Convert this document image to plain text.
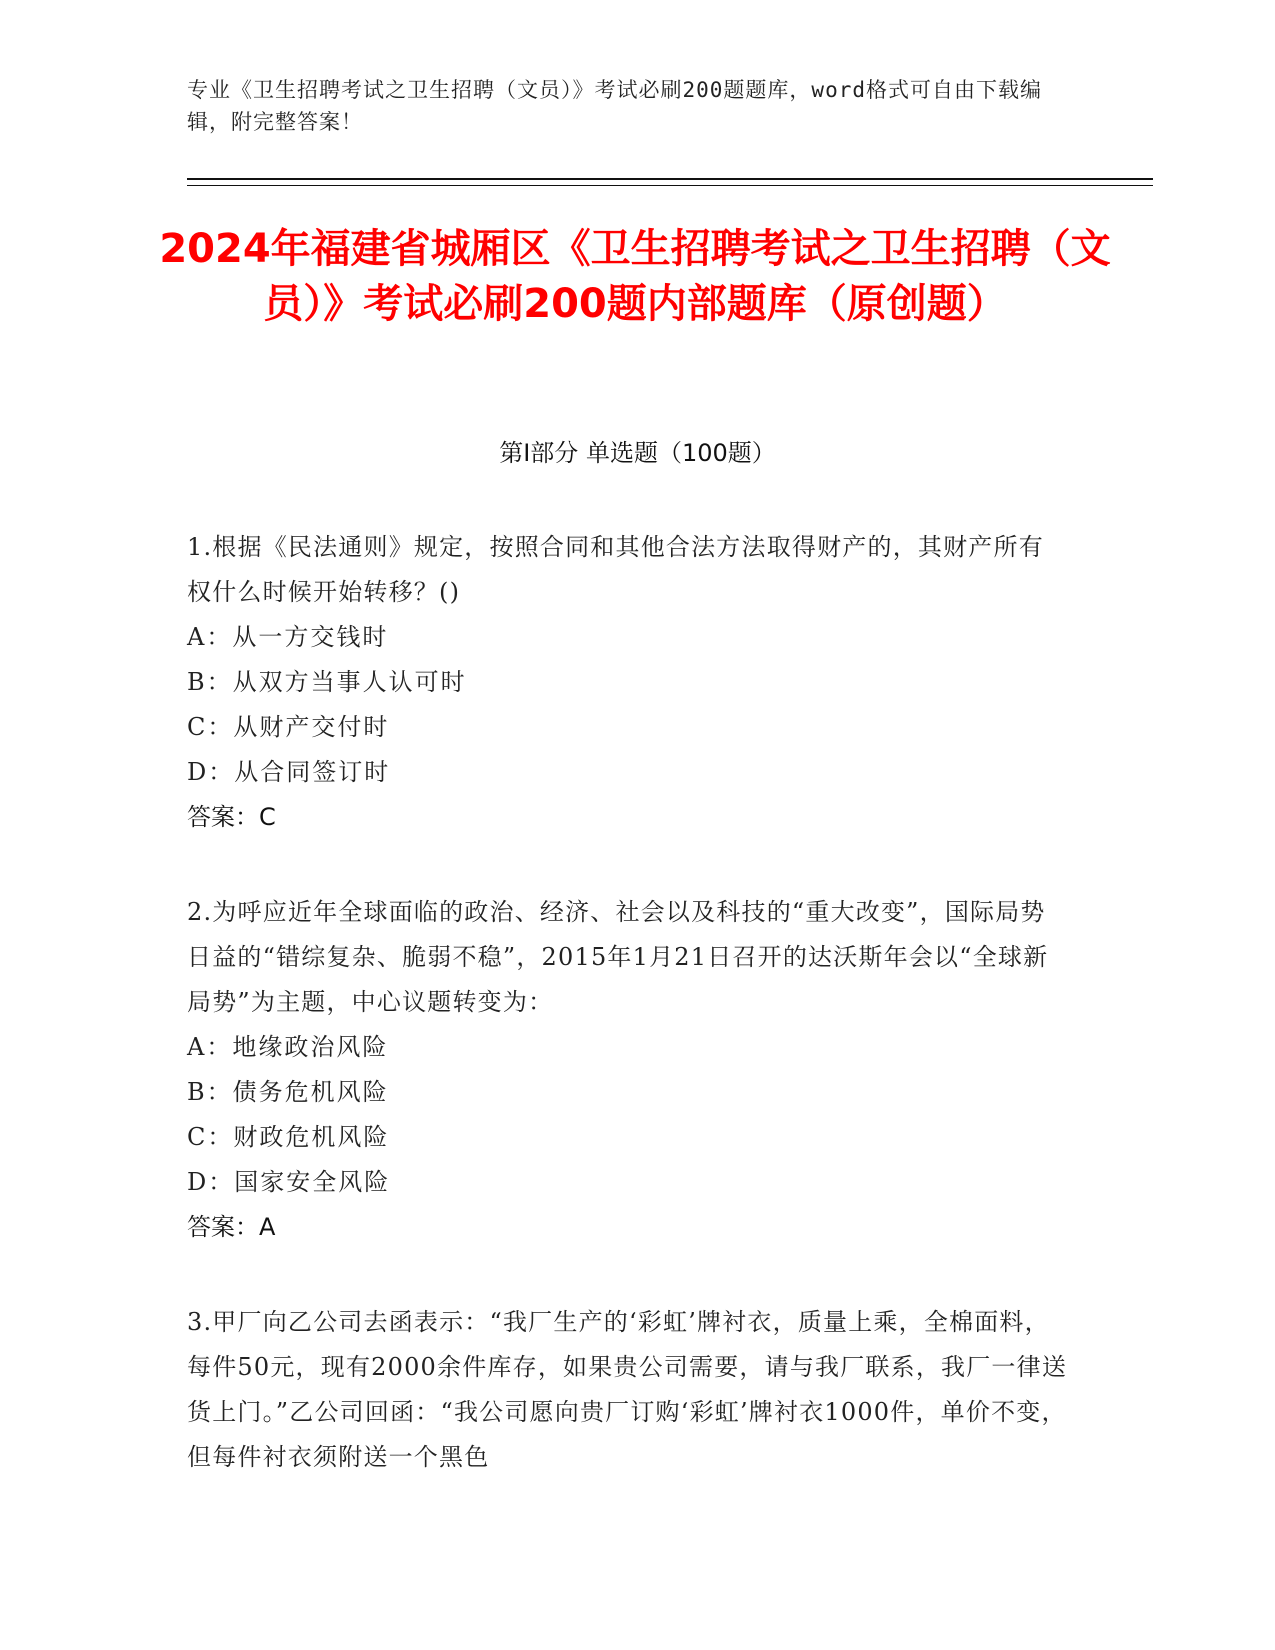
专业《卫生招聘考试之卫生招聘（文员）》考试必刷200题题库，word格式可自由下载编辑，附完整答案！
2024年福建省城厢区《卫生招聘考试之卫生招聘（文员）》考试必刷200题内部题库（原创题）
第Ⅰ部分 单选题（100题）
1.根据《民法通则》规定，按照合同和其他合法方法取得财产的，其财产所有权什么时候开始转移？()
A：从一方交钱时
B：从双方当事人认可时
C：从财产交付时
D：从合同签订时
答案：C
2.为呼应近年全球面临的政治、经济、社会以及科技的“重大改变”，国际局势日益的“错综复杂、脆弱不稳”，2015年1月21日召开的达沃斯年会以“全球新局势”为主题，中心议题转变为：
A：地缘政治风险
B：债务危机风险
C：财政危机风险
D：国家安全风险
答案：A
3.甲厂向乙公司去函表示：“我厂生产的‘彩虹’牌衬衣，质量上乘，全棉面料，每件50元，现有2000余件库存，如果贵公司需要，请与我厂联系，我厂一律送货上门。”乙公司回函：“我公司愿向贵厂订购‘彩虹’牌衬衣1000件，单价不变，但每件衬衣须附送一个黑色
